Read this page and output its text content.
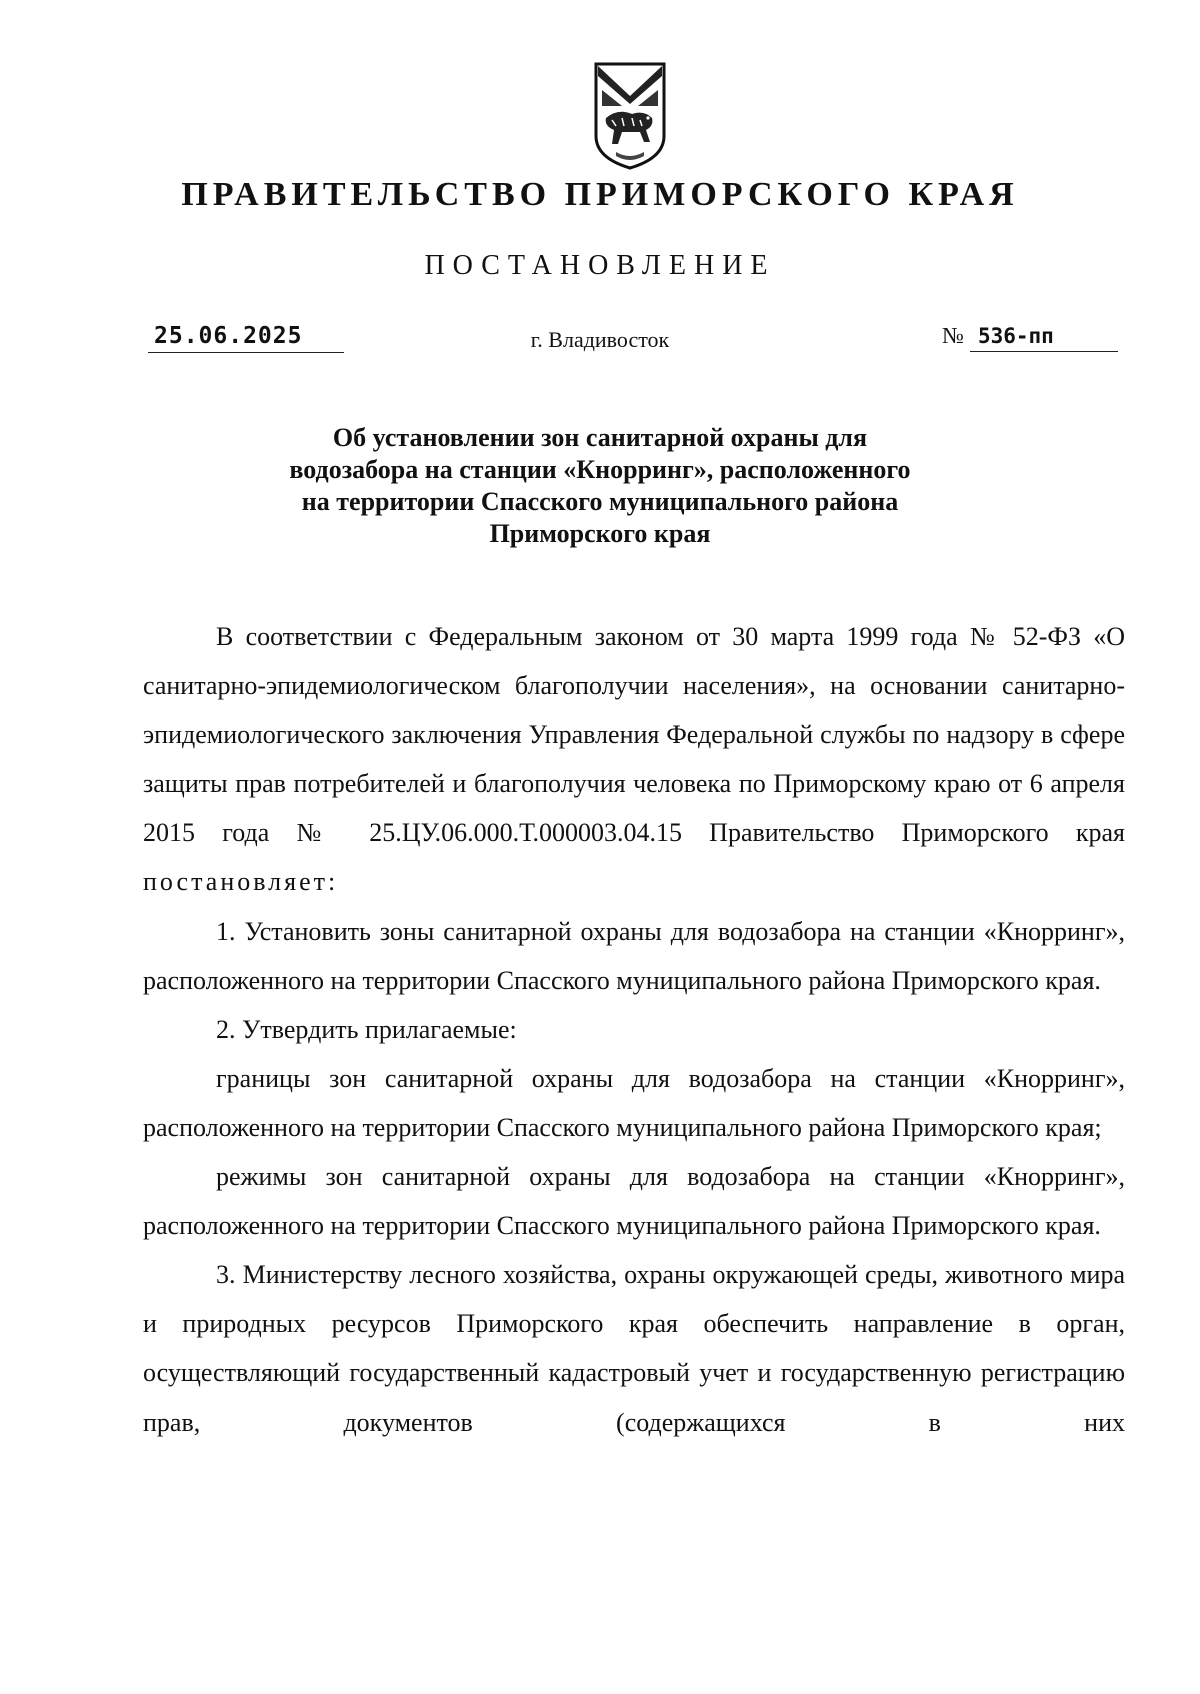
ПРАВИТЕЛЬСТВО ПРИМОРСКОГО КРАЯ
ПОСТАНОВЛЕНИЕ
25.06.2025	г. Владивосток	№ 536-пп
Об установлении зон санитарной охраны для
водозабора на станции «Кнорринг», расположенного
на территории Спасского муниципального района
Приморского края

В соответствии с Федеральным законом от 30 марта 1999 года № 52-ФЗ «О санитарно-эпидемиологическом благополучии населения», на основании санитарно-эпидемиологического заключения Управления Федеральной службы по надзору в сфере защиты прав потребителей и благополучия человека по Приморскому краю от 6 апреля 2015 года № 25.ЦУ.06.000.Т.000003.04.15 Правительство Приморского края постановляет:

1. Установить зоны санитарной охраны для водозабора на станции «Кнорринг», расположенного на территории Спасского муниципального района Приморского края.

2. Утвердить прилагаемые:

границы зон санитарной охраны для водозабора на станции «Кнорринг», расположенного на территории Спасского муниципального района Приморского края;

режимы зон санитарной охраны для водозабора на станции «Кнорринг», расположенного на территории Спасского муниципального района Приморского края.

3. Министерству лесного хозяйства, охраны окружающей среды, животного мира и природных ресурсов Приморского края обеспечить направление в орган, осуществляющий государственный кадастровый учет и государственную регистрацию прав, документов (содержащихся в них
